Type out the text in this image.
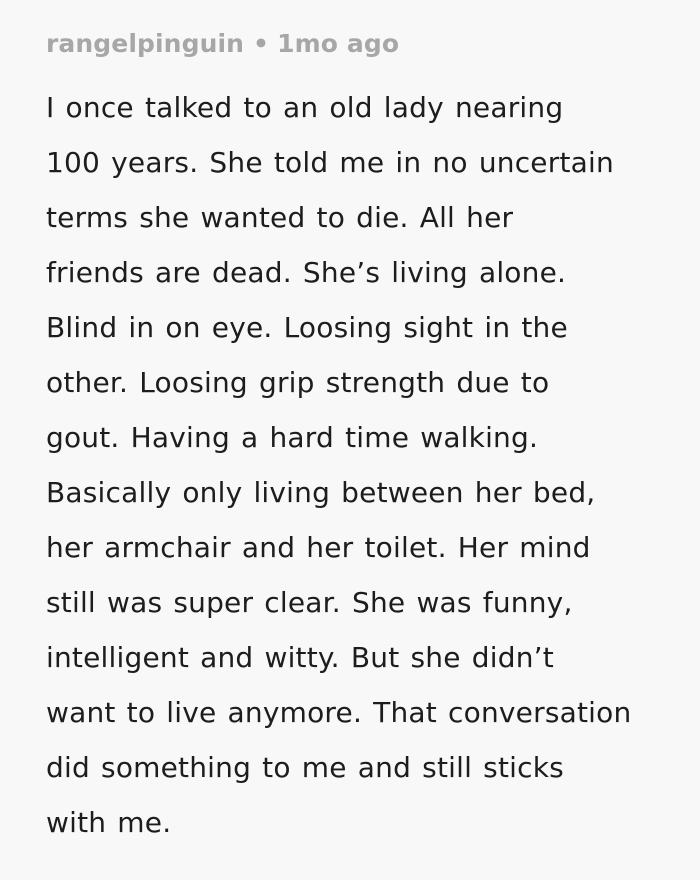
rangelpinguin • 1mo ago
I once talked to an old lady nearing
100 years. She told me in no uncertain
terms she wanted to die. All her
friends are dead. She’s living alone.
Blind in on eye. Loosing sight in the
other. Loosing grip strength due to
gout. Having a hard time walking.
Basically only living between her bed,
her armchair and her toilet. Her mind
still was super clear. She was funny,
intelligent and witty. But she didn’t
want to live anymore. That conversation
did something to me and still sticks
with me.
